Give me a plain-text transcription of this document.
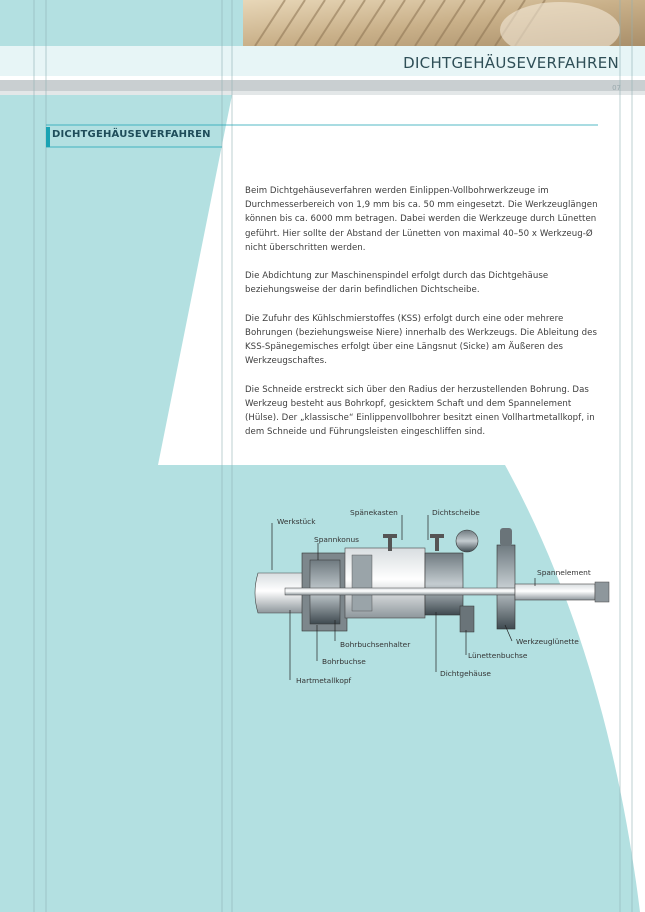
DICHTGEHÄUSEVERFAHREN
07
DICHTGEHÄUSEVERFAHREN

Beim Dichtgehäuseverfahren werden Einlippen-Vollbohrwerkzeuge im Durchmesserbereich von 1,9 mm bis ca. 50 mm eingesetzt. Die Werkzeuglängen können bis ca. 6000 mm betragen. Dabei werden die Werkzeuge durch Lünetten geführt. Hier sollte der Abstand der Lünetten von maximal 40–50 x Werkzeug-Ø nicht überschritten werden.

Die Abdichtung zur Maschinenspindel erfolgt durch das Dichtgehäuse beziehungsweise der darin befindlichen Dichtscheibe.

Die Zufuhr des Kühlschmierstoffes (KSS) erfolgt durch eine oder mehrere Bohrungen (beziehungsweise Niere) innerhalb des Werkzeugs. Die Ableitung des KSS-Spänegemisches erfolgt über eine Längsnut (Sicke) am Äußeren des Werkzeugschaftes.

Die Schneide erstreckt sich über den Radius der herzustellenden Bohrung. Das Werkzeug besteht aus Bohrkopf, gesicktem Schaft und dem Spannelement (Hülse). Der „klassische“ Einlippenvollbohrer besitzt einen Vollhartmetallkopf, in dem Schneide und Führungsleisten eingeschliffen sind.

Spänekasten	Dichtscheibe
Werkstück
Spannkonus
Spannelement
Werkzeuglünette
Bohrbuchsenhalter
Lünettenbuchse
Bohrbuchse
Dichtgehäuse
Hartmetallkopf
